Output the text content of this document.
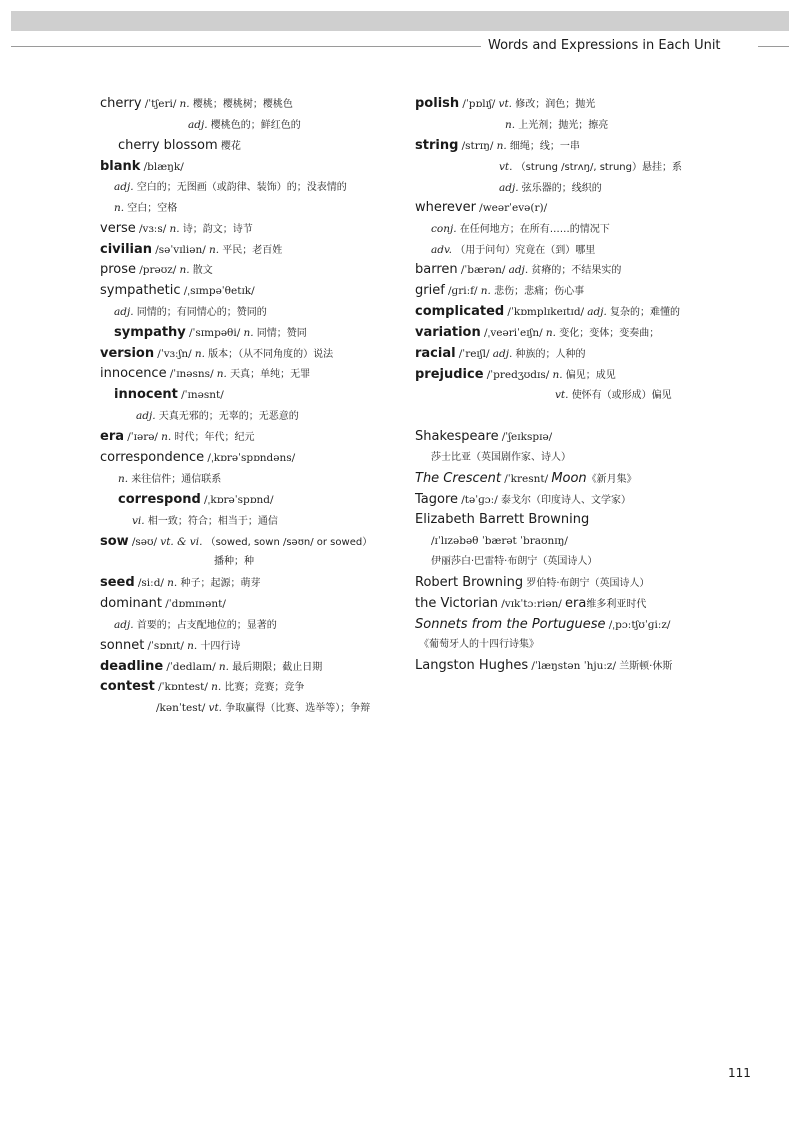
Words and Expressions in Each Unit
cherry /ˈtʃeri/ n. 樱桃；樱桃树；樱桃色
adj. 樱桃色的；鲜红色的
cherry blossom 樱花
blank /blæŋk/
adj. 空白的；无图画（或韵律、装饰）的；没表情的
n. 空白；空格
verse /vɜːs/ n. 诗；韵文；诗节
civilian /səˈvɪliən/ n. 平民；老百姓
prose /prəʊz/ n. 散文
sympathetic /ˌsɪmpəˈθetɪk/
adj. 同情的；有同情心的；赞同的
sympathy /ˈsɪmpəθi/ n. 同情；赞同
version /ˈvɜːʃn/ n. 版本；（从不同角度的）说法
innocence /ˈɪnəsns/ n. 天真；单纯；无罪
innocent /ˈɪnəsnt/
adj. 天真无邪的；无辜的；无恶意的
era /ˈɪərə/ n. 时代；年代；纪元
correspondence /ˌkɒrəˈspɒndəns/
n. 来往信件；通信联系
correspond /ˌkɒrəˈspɒnd/
vi. 相一致；符合；相当于；通信
sow /səʊ/ vt. & vi. （sowed, sown /səʊn/ or sowed）
播种；种
seed /siːd/ n. 种子；起源；萌芽
dominant /ˈdɒmɪnənt/
adj. 首要的；占支配地位的；显著的
sonnet /ˈsɒnɪt/ n. 十四行诗
deadline /ˈdedlaɪn/ n. 最后期限；截止日期
contest /ˈkɒntest/ n. 比赛；竞赛；竞争
/kənˈtest/ vt. 争取赢得（比赛、选举等）；争辩
polish /ˈpɒlɪʃ/ vt. 修改；润色；抛光
n. 上光剂；抛光；擦亮
string /strɪŋ/ n. 细绳；线；一串
vt. （strung /strʌŋ/, strung）悬挂；系
adj. 弦乐器的；线织的
wherever /weərˈevə(r)/
conj. 在任何地方；在所有……的情况下
adv. （用于问句）究竟在（到）哪里
barren /ˈbærən/ adj. 贫瘠的；不结果实的
grief /ɡriːf/ n. 悲伤；悲痛；伤心事
complicated /ˈkɒmplɪkeɪtɪd/ adj. 复杂的；难懂的
variation /ˌveəriˈeɪʃn/ n. 变化；变体；变奏曲；
racial /ˈreɪʃl/ adj. 种族的；人种的
prejudice /ˈpredʒʊdɪs/ n. 偏见；成见
vt. 使怀有（或形成）偏见
Shakespeare /ˈʃeɪkspɪə/
莎士比亚（英国剧作家、诗人）
The Crescent /ˈkresnt/ Moon《新月集》
Tagore /təˈɡɔː/ 泰戈尔（印度诗人、文学家）
Elizabeth Barrett Browning
/ɪˈlɪzəbəθ ˈbærət ˈbraʊnɪŋ/
伊丽莎白·巴雷特·布朗宁（英国诗人）
Robert Browning 罗伯特·布朗宁（英国诗人）
the Victorian /vɪkˈtɔːriən/ era维多利亚时代
Sonnets from the Portuguese /ˌpɔːtʃʊˈɡiːz/
《葡萄牙人的十四行诗集》
Langston Hughes /ˈlæŋstən ˈhjuːz/ 兰斯顿·休斯
111
